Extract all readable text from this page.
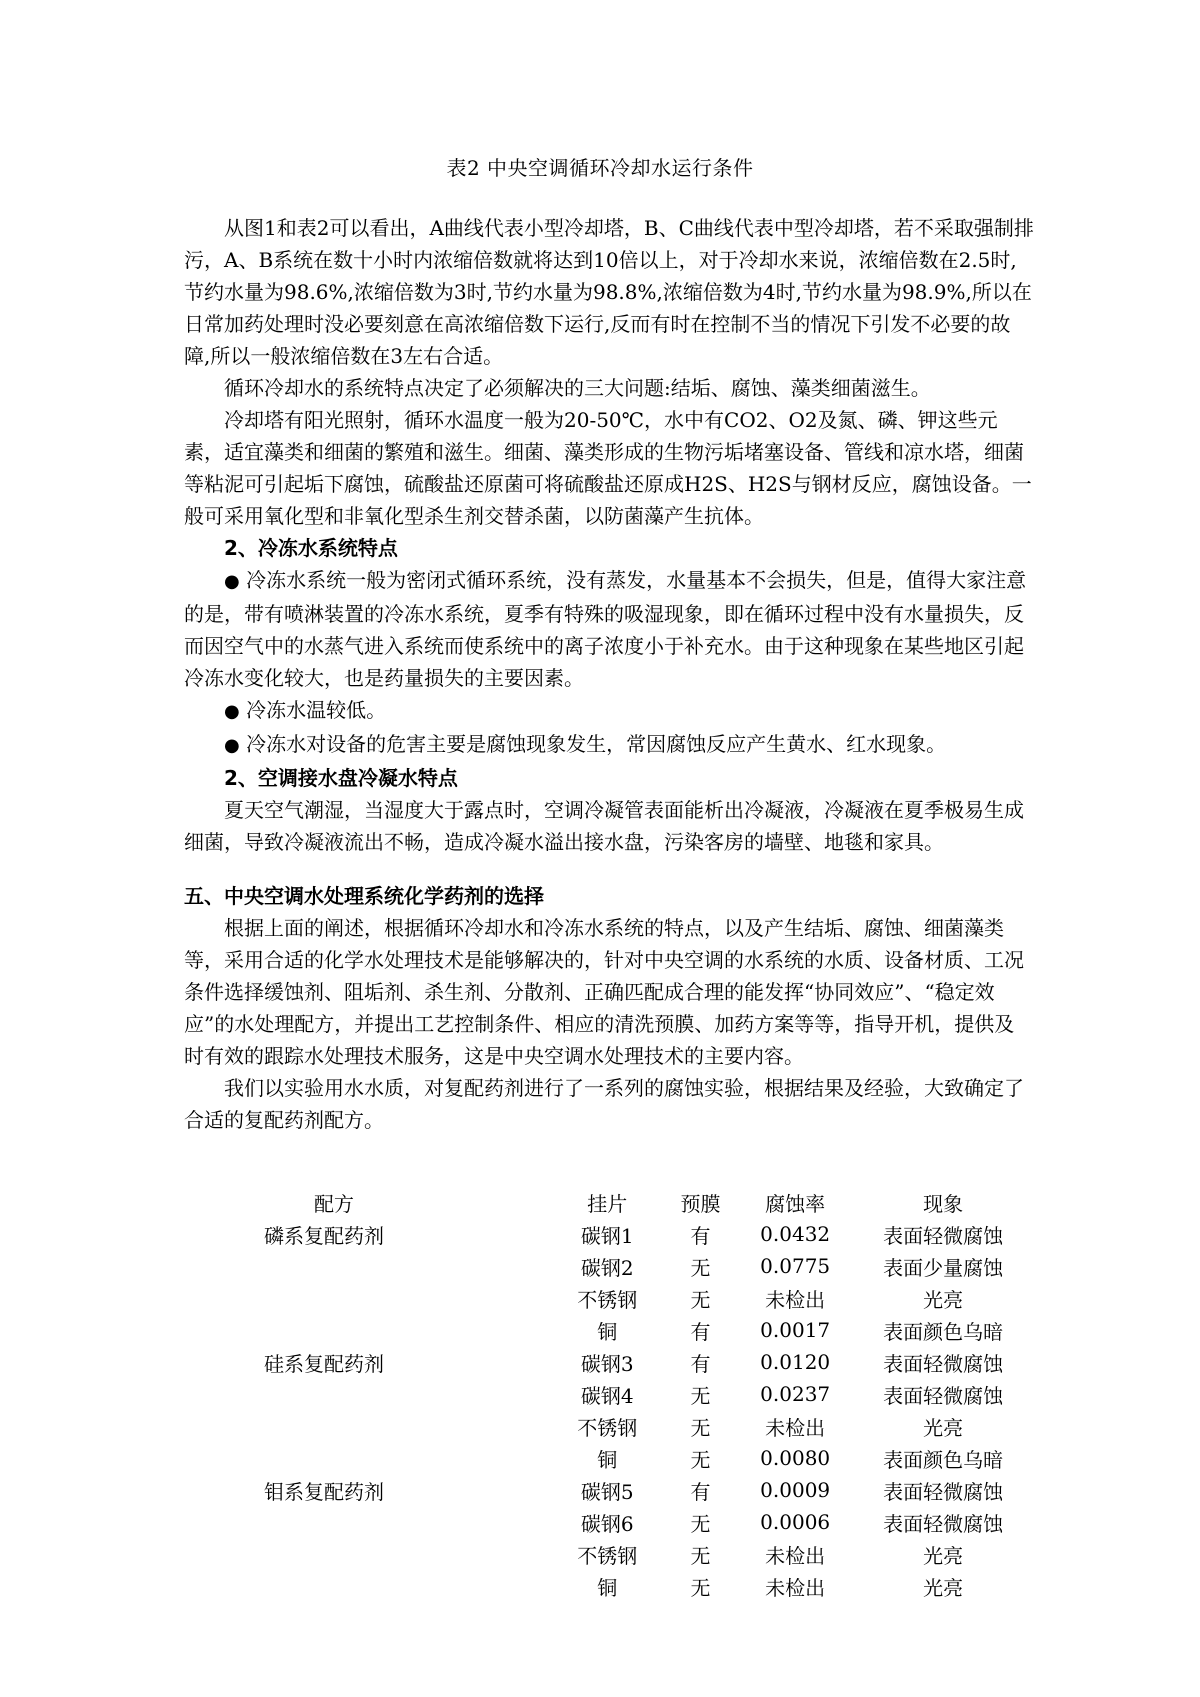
表2 中央空调循环冷却水运行条件

从图1和表2可以看出，A曲线代表小型冷却塔，B、C曲线代表中型冷却塔，若不采取强制排污，A、B系统在数十小时内浓缩倍数就将达到10倍以上，对于冷却水来说，浓缩倍数在2.5时,节约水量为98.6%,浓缩倍数为3时,节约水量为98.8%,浓缩倍数为4时,节约水量为98.9%,所以在日常加药处理时没必要刻意在高浓缩倍数下运行,反而有时在控制不当的情况下引发不必要的故障,所以一般浓缩倍数在3左右合适。

循环冷却水的系统特点决定了必须解决的三大问题:结垢、腐蚀、藻类细菌滋生。

冷却塔有阳光照射，循环水温度一般为20-50℃，水中有CO2、O2及氮、磷、钾这些元素，适宜藻类和细菌的繁殖和滋生。细菌、藻类形成的生物污垢堵塞设备、管线和凉水塔，细菌等粘泥可引起垢下腐蚀，硫酸盐还原菌可将硫酸盐还原成H2S、H2S与钢材反应，腐蚀设备。一般可采用氧化型和非氧化型杀生剂交替杀菌，以防菌藻产生抗体。

2、冷冻水系统特点

● 冷冻水系统一般为密闭式循环系统，没有蒸发，水量基本不会损失，但是，值得大家注意的是，带有喷淋装置的冷冻水系统，夏季有特殊的吸湿现象，即在循环过程中没有水量损失，反而因空气中的水蒸气进入系统而使系统中的离子浓度小于补充水。由于这种现象在某些地区引起冷冻水变化较大，也是药量损失的主要因素。

● 冷冻水温较低。

● 冷冻水对设备的危害主要是腐蚀现象发生，常因腐蚀反应产生黄水、红水现象。

2、空调接水盘冷凝水特点

夏天空气潮湿，当湿度大于露点时，空调冷凝管表面能析出冷凝液，冷凝液在夏季极易生成细菌，导致冷凝液流出不畅，造成冷凝水溢出接水盘，污染客房的墙壁、地毯和家具。

五、中央空调水处理系统化学药剂的选择

根据上面的阐述，根据循环冷却水和冷冻水系统的特点，以及产生结垢、腐蚀、细菌藻类等，采用合适的化学水处理技术是能够解决的，针对中央空调的水系统的水质、设备材质、工况条件选择缓蚀剂、阻垢剂、杀生剂、分散剂、正确匹配成合理的能发挥“协同效应”、“稳定效应”的水处理配方，并提出工艺控制条件、相应的清洗预膜、加药方案等等，指导开机，提供及时有效的跟踪水处理技术服务，这是中央空调水处理技术的主要内容。

我们以实验用水水质，对复配药剂进行了一系列的腐蚀实验，根据结果及经验，大致确定了合适的复配药剂配方。

配方	挂片	预膜	腐蚀率	现象
磷系复配药剂	碳钢1	有	0.0432	表面轻微腐蚀
	碳钢2	无	0.0775	表面少量腐蚀
	不锈钢	无	未检出	光亮
	铜	有	0.0017	表面颜色乌暗
硅系复配药剂	碳钢3	有	0.0120	表面轻微腐蚀
	碳钢4	无	0.0237	表面轻微腐蚀
	不锈钢	无	未检出	光亮
	铜	无	0.0080	表面颜色乌暗
钼系复配药剂	碳钢5	有	0.0009	表面轻微腐蚀
	碳钢6	无	0.0006	表面轻微腐蚀
	不锈钢	无	未检出	光亮
	铜	无	未检出	光亮
